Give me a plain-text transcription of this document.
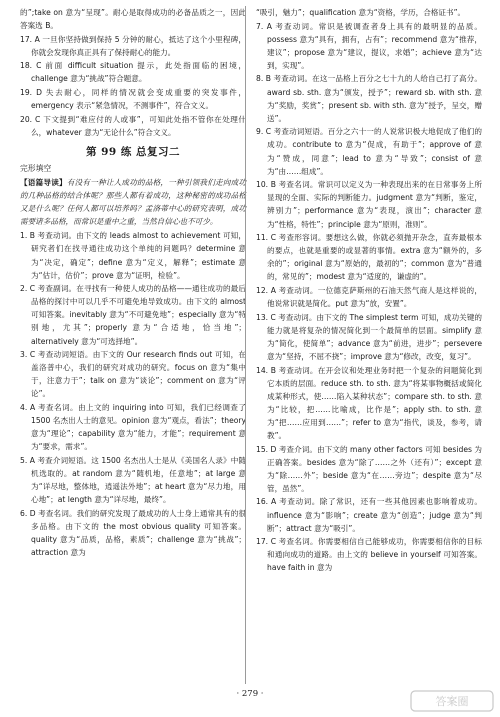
的”;take on 意为“呈现”。耐心是取得成功的必备品质之一，因此答案选 B。

17. A 一旦你坚持做到保持 5 分钟的耐心，抵达了这个小里程碑，你就会发现你真正具有了保持耐心的能力。

18. C 前面 difficult situation 提示，此处指面临的困境，challenge 意为“挑战”符合题意。

19. D 失去耐心，同样的情况就会变成重要的突发事件，emergency 表示“紧急情况，不测事件”，符合文义。

20. C 下文提到“难应付的人或事”，可知此处指不管你在处理什么，whatever 意为“无论什么”符合文义。

第 99 练 总复习二
完形填空

【语篇导读】有没有一种让人成功的品格，一种引领我们走向成功的几种品格的结合体呢？那些人都有着成功，这种秘密的成功品格又是什么呢？任何人都可以培养吗？孟洛蒂中心的研究表明，成功需要诸多品格，而常识是重中之重，当然自信心也不可少。

1. B 考查动词。由下文的 leads almost to achievement 可知，研究者们在找寻通往成功这个单纯的问题吗？determine 意为“决定，确定”；define 意为“定义，解释”；estimate 意为“估计，估价”；prove 意为“证明，检验”。

2. C 考查副词。在寻找有一种使人成功的品格——通往成功的最后品格的探讨中可以几乎不可避免地导致成功。由下文的 almost 可知答案。inevitably 意为“不可避免地”；especially 意为“特别地，尤其”；properly 意为“合适地，恰当地”；alternatively 意为“可选择地”。

3. C 考查动词短语。由下文的 Our research finds out 可知，在盖洛普中心，我们的研究对成功的研究。focus on 意为“集中于，注意力于”；talk on 意为“谈论”；comment on 意为“评论”。

4. A 考查名词。由上文的 inquiring into 可知，我们已经调查了 1500 名杰出人士的意见。opinion 意为“观点，看法”；theory 意为“理论”；capability 意为“能力，才能”；requirement 意为“要求，需求”。

5. A 考查介词短语。这 1500 名杰出人士是从《美国名人录》中随机选取的。at random 意为“随机地，任意地”；at large 意为“详尽地，整体地，逍遥法外地”；at heart 意为“尽力地，用心地”；at length 意为“详尽地，最终”。

6. D 考查名词。我们的研究发现了最成功的人士身上通常具有的很多品格。由下文的 the most obvious quality 可知答案。quality 意为“品质，品格，素质”；challenge 意为“挑战”；attraction 意为

“吸引，魅力”；qualification 意为“资格，学历，合格证书”。

7. A 考查动词。常识是被调查者身上具有的最明显的品质。possess 意为“具有，拥有，占有”；recommend 意为“推荐，建议”；propose 意为“建议，提议，求婚”；achieve 意为“达到，实现”。

8. B 考查动词。在这一品格上百分之七十九的人给自己打了高分。award sb. sth. 意为“颁发，授予”；reward sb. with sth. 意为“奖励，奖赏”；present sb. with sth. 意为“授予，呈交，赠送”。

9. C 考查动词短语。百分之六十一的人说常识极大地促成了他们的成功。contribute to 意为“促成，有助于”；approve of 意为“赞成，同意”；lead to 意为“导致”；consist of 意为“由……组成”。

10. B 考查名词。常识可以定义为一种表现出来的在日常事务上所显现的全面、实际的判断能力。judgment 意为“判断，鉴定，辨别力”；performance 意为“表现，演出”；character 意为“性格，特性”；principle 意为“原则，准则”。

11. C 考查形容词。要想这么做，你就必须抛开杂念，直奔最根本的要点，也就是重要的或显著的事情。extra 意为“额外的，多余的”；original 意为“原始的，最初的”；common 意为“普通的，常见的”；modest 意为“适度的，谦虚的”。

12. A 考查动词。一位德克萨斯州的石油天然气商人是这样说的，他说常识就是简化。put 意为“放，安置”。

13. C 考查动词。由下文的 The simplest term 可知，成功关键的能力就是将复杂的情况简化到一个最简单的层面。simplify 意为“简化，使简单”；advance 意为“前进，进步”；persevere 意为“坚持，不屈不挠”；improve 意为“修改，改变，复习”。

14. B 考查动词。在开会议和处理业务时把一个复杂的问题简化到它本质的层面。reduce sth. to sth. 意为“将某事物概括或简化成某种形式，使……陷入某种状态”；compare sth. to sth. 意为“比较，把……比喻成，比作是”；apply sth. to sth. 意为“把……应用到……”；refer to 意为“指代，谈及，参考，请教”。

15. D 考查介词。由下文的 many other factors 可知 besides 为正确答案。besides 意为“除了……之外（还有）”；except 意为“除……外”；beside 意为“在……旁边”；despite 意为“尽管，虽然”。

16. A 考查动词。除了常识，还有一些其他因素也影响着成功。influence 意为“影响”；create 意为“创造”；judge 意为“判断”；attract 意为“吸引”。

17. C 考查名词。你需要相信自己能够成功，你需要相信你的目标和通向成功的道路。由上文的 believe in yourself 可知答案。have faith in 意为

· 279 ·
答案圈
